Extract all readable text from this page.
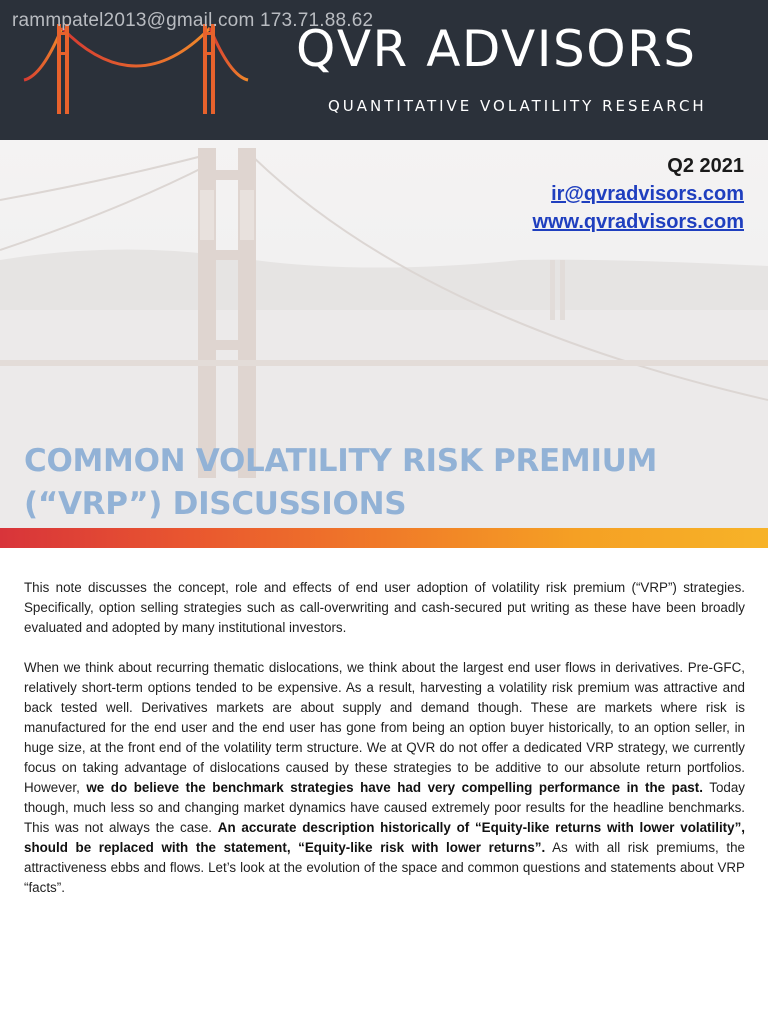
rammpatel2013@gmail.com 173.71.88.62
QVR ADVISORS
QUANTITATIVE VOLATILITY RESEARCH
Q2 2021
ir@qvradvisors.com
www.qvradvisors.com
COMMON VOLATILITY RISK PREMIUM
(“VRP”) DISCUSSIONS

This note discusses the concept, role and effects of end user adoption of volatility risk premium (“VRP”) strategies. Specifically, option selling strategies such as call-overwriting and cash-secured put writing as these have been broadly evaluated and adopted by many institutional investors.

When we think about recurring thematic dislocations, we think about the largest end user flows in derivatives. Pre-GFC, relatively short-term options tended to be expensive. As a result, harvesting a volatility risk premium was attractive and back tested well. Derivatives markets are about supply and demand though. These are markets where risk is manufactured for the end user and the end user has gone from being an option buyer historically, to an option seller, in huge size, at the front end of the volatility term structure. We at QVR do not offer a dedicated VRP strategy, we currently focus on taking advantage of dislocations caused by these strategies to be additive to our absolute return portfolios. However, we do believe the benchmark strategies have had very compelling performance in the past. Today though, much less so and changing market dynamics have caused extremely poor results for the headline benchmarks. This was not always the case. An accurate description historically of “Equity-like returns with lower volatility”, should be replaced with the statement, “Equity-like risk with lower returns”. As with all risk premiums, the attractiveness ebbs and flows. Let’s look at the evolution of the space and common questions and statements about VRP “facts”.
